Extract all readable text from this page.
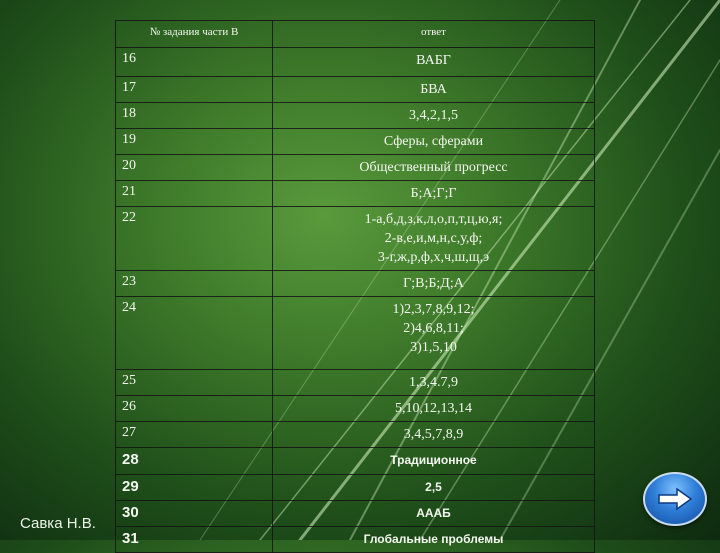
№ задания части В	ответ
16	ВАБГ

17	БВА

18	3,4,2,1,5

19	Сферы, сферами

20	Общественный прогресс

21	Б;А;Г;Г

22	1-а,б,д,з,к,л,о,п,т,ц,ю,я;
2-в,е,и,м,н,с,у,ф;
3-г,ж,р,ф,х,ч,ш,щ,э

23	Г;В;Б;Д;А

24	1)2,3,7,8,9,12;
2)4,6,8,11;
3)1,5,10

25	1,3,4.7,9

26	5,10,12,13,14

27	3,4,5,7,8,9

28	Традиционное

29	2,5

30	АААБ

31	Глобальные проблемы
Савка Н.В.
